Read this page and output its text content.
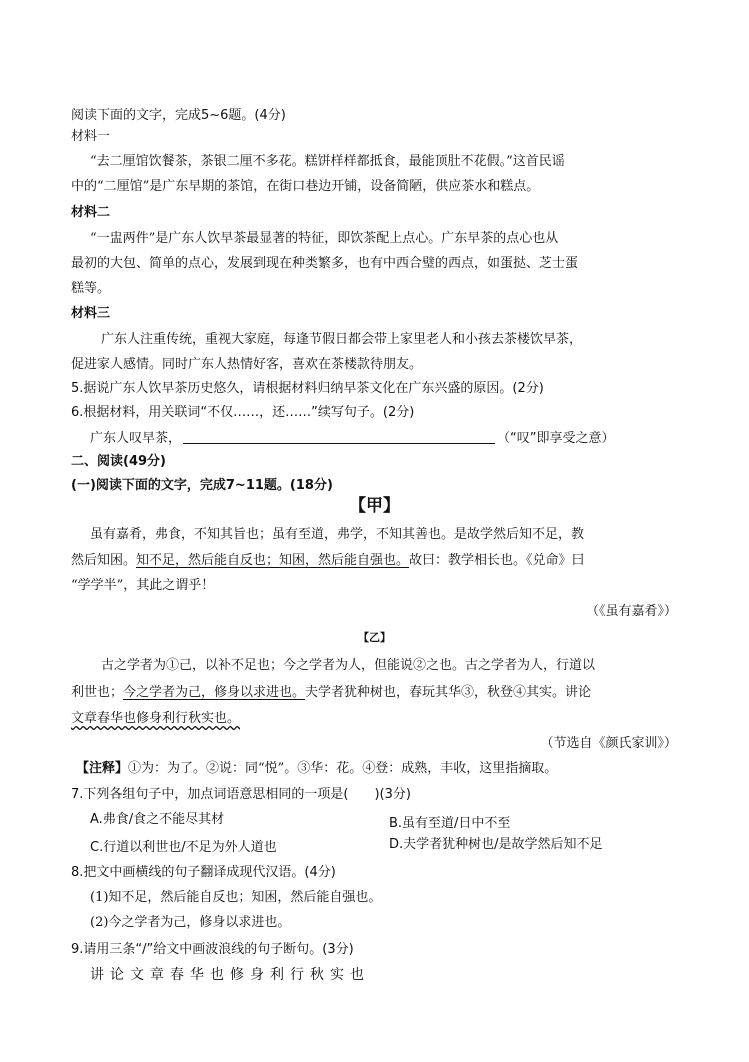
阅读下面的文字，完成5~6题。(4分)
材料一
“去二厘馆饮餐茶，茶银二厘不多花。糕饼样样都抵食，最能顶肚不花假。”这首民谣
中的“二厘馆”是广东早期的茶馆，在街口巷边开铺，设备简陋，供应茶水和糕点。
材料二
“一盅两件”是广东人饮早茶最显著的特征，即饮茶配上点心。广东早茶的点心也从
最初的大包、简单的点心，发展到现在种类繁多，也有中西合璧的西点，如蛋挞、芝士蛋
糕等。
材料三
广东人注重传统，重视大家庭，每逢节假日都会带上家里老人和小孩去茶楼饮早茶，
促进家人感情。同时广东人热情好客，喜欢在茶楼款待朋友。
5.据说广东人饮早茶历史悠久，请根据材料归纳早茶文化在广东兴盛的原因。(2分)
6.根据材料，用关联词“不仅……，还……”续写句子。(2分)
广东人叹早茶，	（“叹”即享受之意）
二、阅读(49分)
(一)阅读下面的文字，完成7~11题。(18分)
【甲】
虽有嘉肴，弗食，不知其旨也；虽有至道，弗学，不知其善也。是故学然后知不足，教
然后知困。知不足，然后能自反也；知困，然后能自强也。故曰：教学相长也。《兑命》曰
“学学半”，其此之谓乎！
（《虽有嘉肴》）
【乙】
古之学者为①己，以补不足也；今之学者为人，但能说②之也。古之学者为人，行道以
利世也；今之学者为己，修身以求进也。夫学者犹种树也，春玩其华③，秋登④其实。讲论
文章春华也修身利行秋实也。
（节选自《颜氏家训》）
【注释】①为：为了。②说：同“悦”。③华：花。④登：成熟，丰收，这里指摘取。
7.下列各组句子中，加点词语意思相同的一项是( )(3分)
A.弗食/食之不能尽其材	B.虽有至道/日中不至
C.行道以利世也/不足为外人道也	D.夫学者犹种树也/是故学然后知不足
8.把文中画横线的句子翻译成现代汉语。(4分)
(1)知不足，然后能自反也；知困，然后能自强也。
(2)今之学者为己，修身以求进也。
9.请用三条“/”给文中画波浪线的句子断句。(3分)
讲论文章春华也修身利行秋实也
